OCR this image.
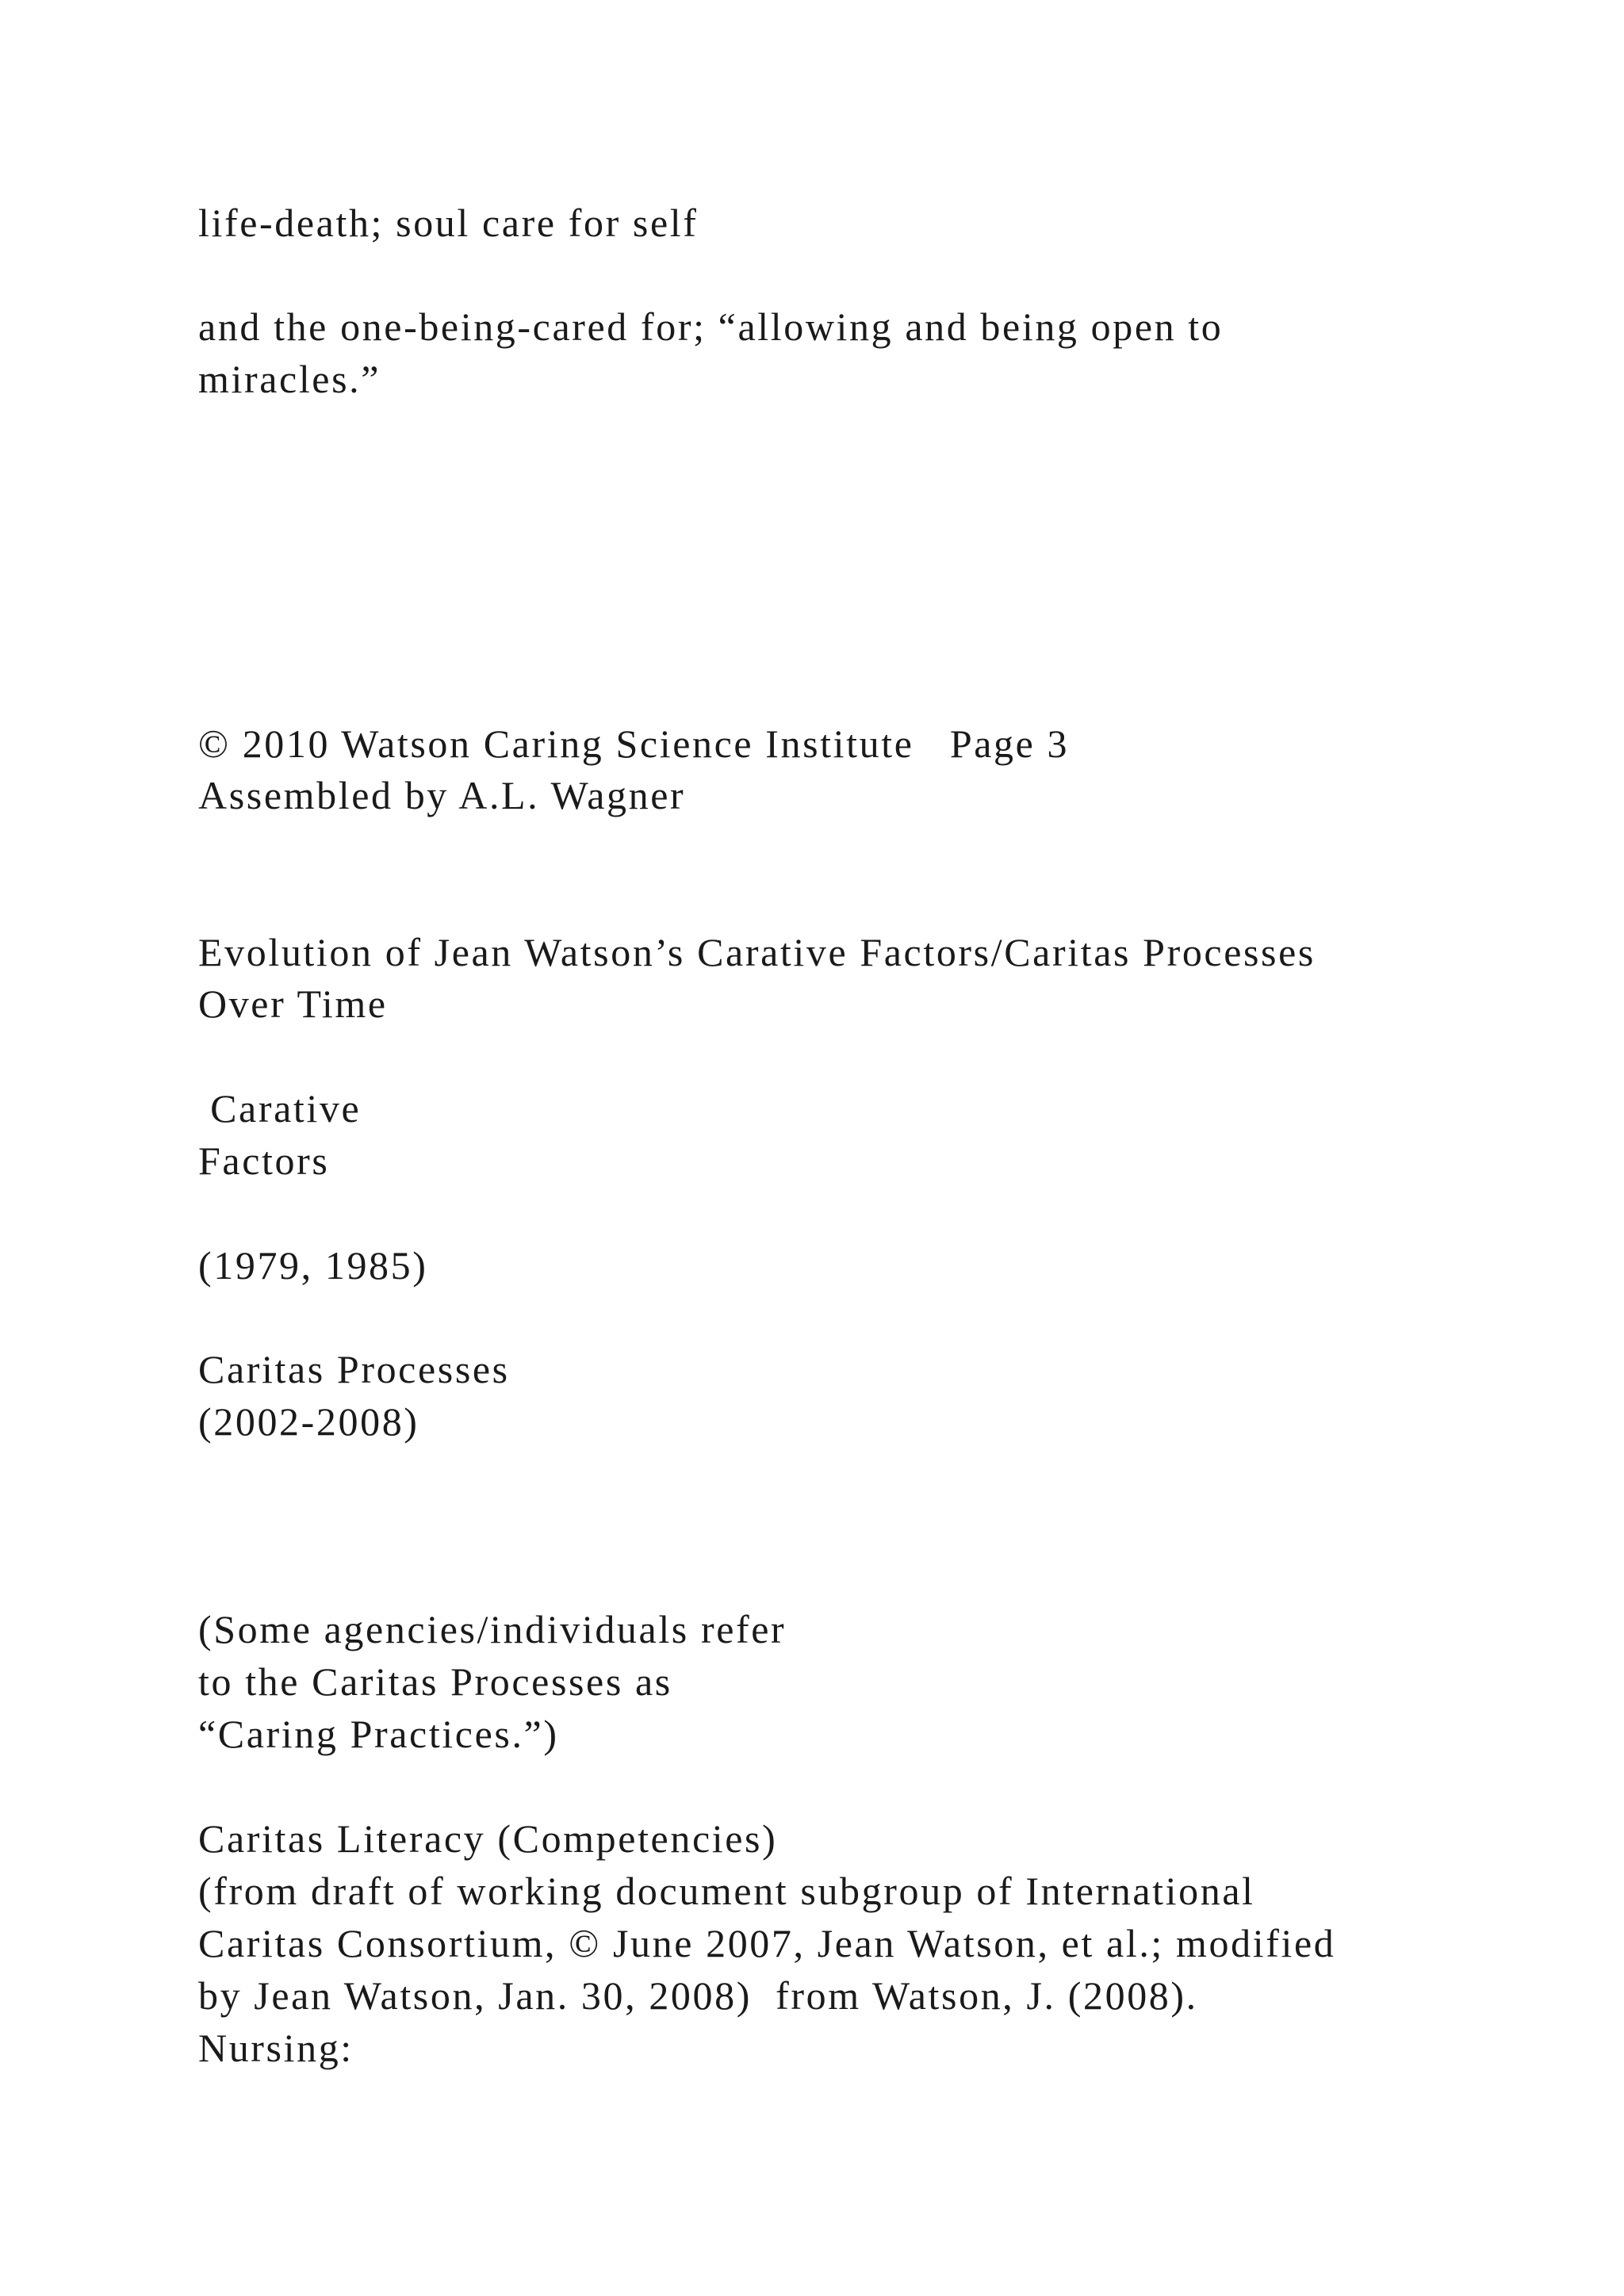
life-death; soul care for self
and the one-being-cared for; “allowing and being open to
miracles.”
© 2010 Watson Caring Science Institute   Page 3
Assembled by A.L. Wagner
Evolution of Jean Watson’s Carative Factors/Caritas Processes
Over Time
Carative
Factors
(1979, 1985)
Caritas Processes
(2002-2008)
(Some agencies/individuals refer
to the Caritas Processes as
“Caring Practices.”)
Caritas Literacy (Competencies)
(from draft of working document subgroup of International
Caritas Consortium, © June 2007, Jean Watson, et al.; modified
by Jean Watson, Jan. 30, 2008)  from Watson, J. (2008).
Nursing:
